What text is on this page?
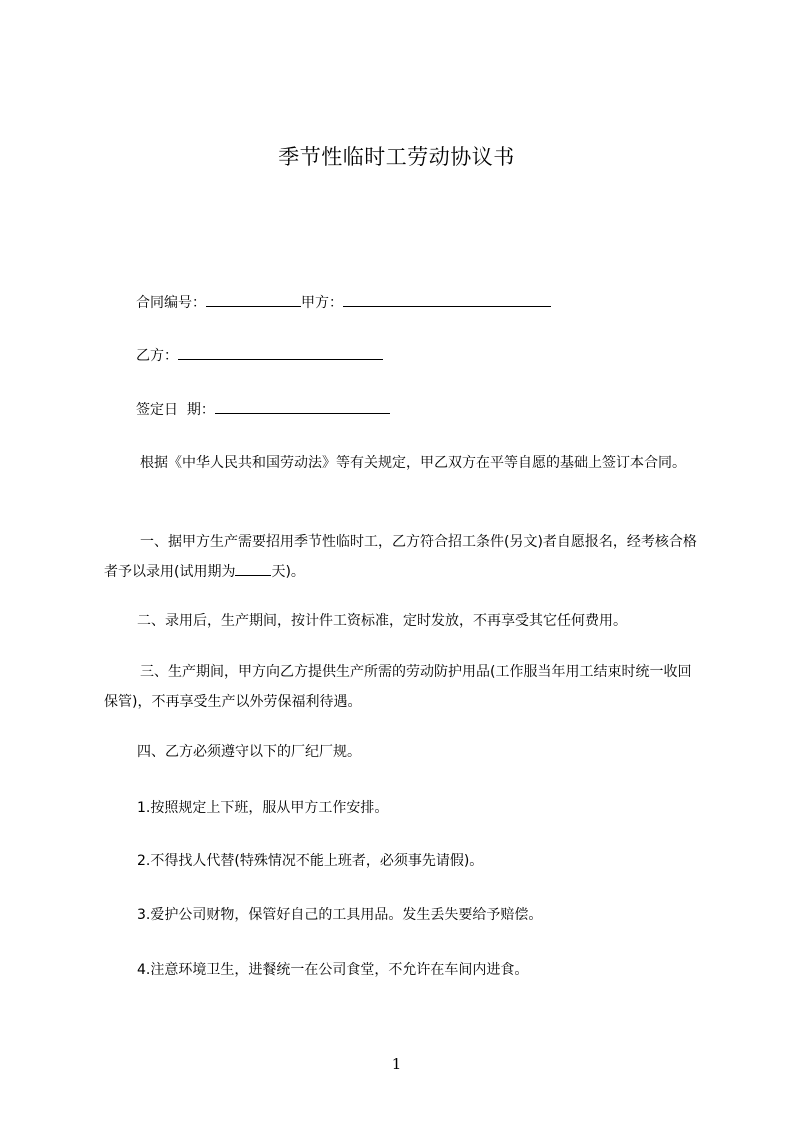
季节性临时工劳动协议书
合同编号：	甲方：
乙方：
签定日  期：
根据《中华人民共和国劳动法》等有关规定，甲乙双方在平等自愿的基础上签订本合同。
一、据甲方生产需要招用季节性临时工，乙方符合招工条件(另文)者自愿报名，经考核合格者予以录用(试用期为	天)。
二、录用后，生产期间，按计件工资标准，定时发放，不再享受其它任何费用。
三、生产期间，甲方向乙方提供生产所需的劳动防护用品(工作服当年用工结束时统一收回保管)，不再享受生产以外劳保福利待遇。
四、乙方必须遵守以下的厂纪厂规。
1.按照规定上下班，服从甲方工作安排。
2.不得找人代替(特殊情况不能上班者，必须事先请假)。
3.爱护公司财物，保管好自己的工具用品。发生丢失要给予赔偿。
4.注意环境卫生，进餐统一在公司食堂，不允许在车间内进食。
1
